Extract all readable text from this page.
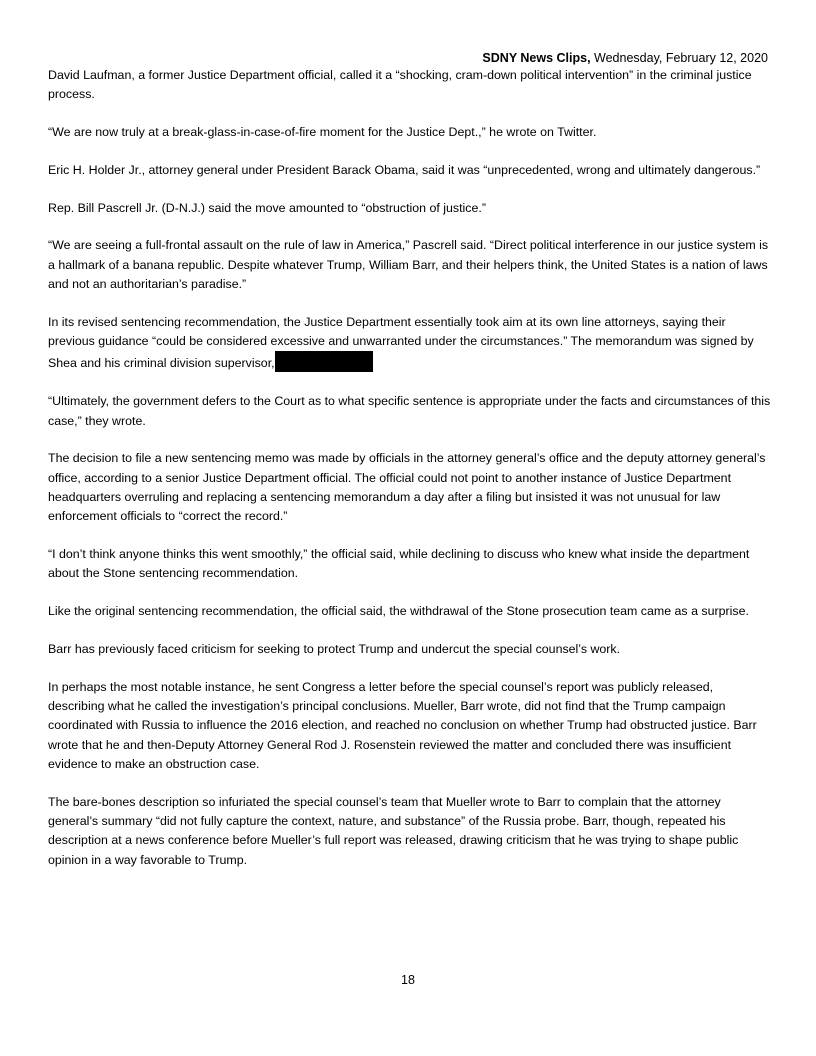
SDNY News Clips, Wednesday, February 12, 2020

David Laufman, a former Justice Department official, called it a “shocking, cram-down political intervention” in the criminal justice process.

“We are now truly at a break-glass-in-case-of-fire moment for the Justice Dept.,” he wrote on Twitter.

Eric H. Holder Jr., attorney general under President Barack Obama, said it was “unprecedented, wrong and ultimately dangerous.”

Rep. Bill Pascrell Jr. (D-N.J.) said the move amounted to “obstruction of justice.”

“We are seeing a full-frontal assault on the rule of law in America,” Pascrell said. “Direct political interference in our justice system is a hallmark of a banana republic. Despite whatever Trump, William Barr, and their helpers think, the United States is a nation of laws and not an authoritarian’s paradise.”

In its revised sentencing recommendation, the Justice Department essentially took aim at its own line attorneys, saying their previous guidance “could be considered excessive and unwarranted under the circumstances.” The memorandum was signed by Shea and his criminal division supervisor,

“Ultimately, the government defers to the Court as to what specific sentence is appropriate under the facts and circumstances of this case,” they wrote.

The decision to file a new sentencing memo was made by officials in the attorney general’s office and the deputy attorney general’s office, according to a senior Justice Department official. The official could not point to another instance of Justice Department headquarters overruling and replacing a sentencing memorandum a day after a filing but insisted it was not unusual for law enforcement officials to “correct the record.”

“I don’t think anyone thinks this went smoothly,” the official said, while declining to discuss who knew what inside the department about the Stone sentencing recommendation.

Like the original sentencing recommendation, the official said, the withdrawal of the Stone prosecution team came as a surprise.

Barr has previously faced criticism for seeking to protect Trump and undercut the special counsel’s work.

In perhaps the most notable instance, he sent Congress a letter before the special counsel’s report was publicly released, describing what he called the investigation’s principal conclusions. Mueller, Barr wrote, did not find that the Trump campaign coordinated with Russia to influence the 2016 election, and reached no conclusion on whether Trump had obstructed justice. Barr wrote that he and then-Deputy Attorney General Rod J. Rosenstein reviewed the matter and concluded there was insufficient evidence to make an obstruction case.

The bare-bones description so infuriated the special counsel’s team that Mueller wrote to Barr to complain that the attorney general’s summary “did not fully capture the context, nature, and substance” of the Russia probe. Barr, though, repeated his description at a news conference before Mueller’s full report was released, drawing criticism that he was trying to shape public opinion in a way favorable to Trump.

18
